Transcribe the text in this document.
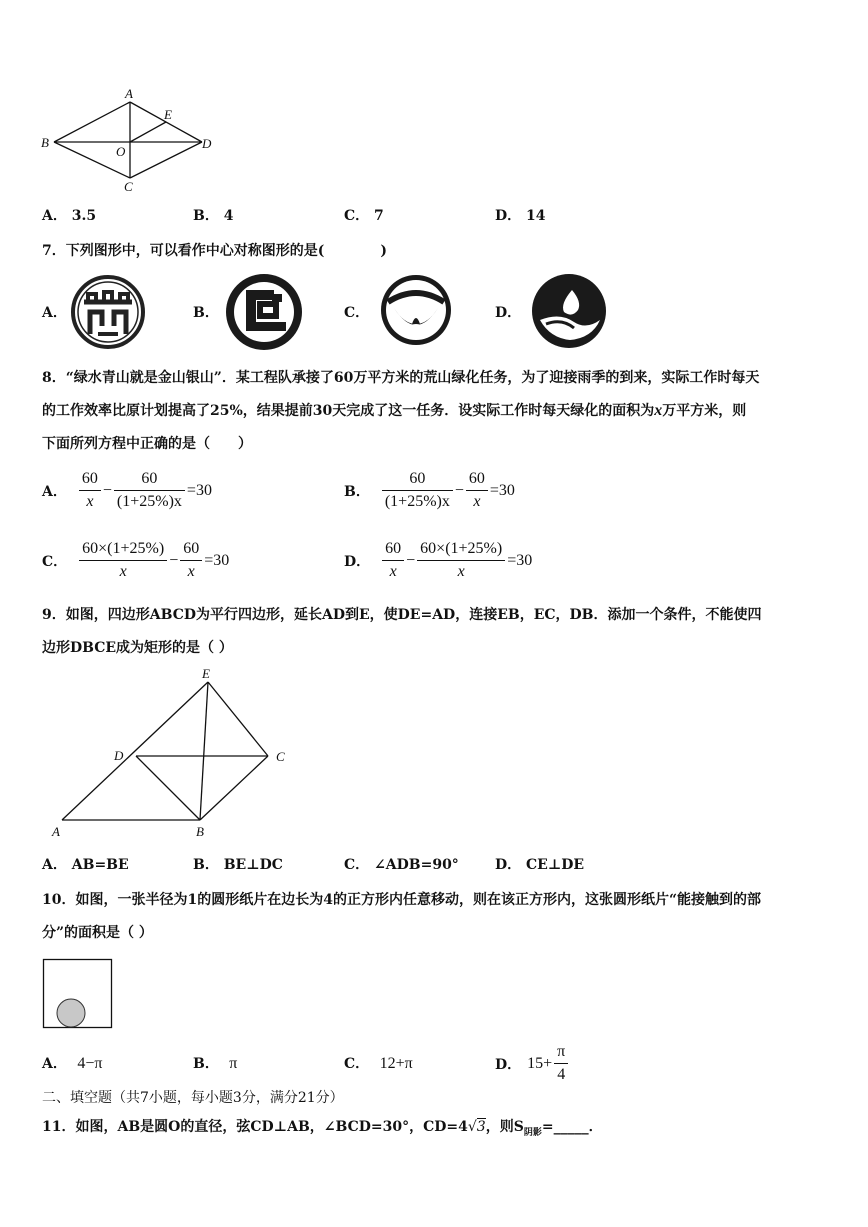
A
B
C
D
E
O
A． 3.5	B． 4	C． 7	D． 14
7．下列图形中，可以看作中心对称图形的是(　　　　)
A．	B．	C．	D．
8．“绿水青山就是金山银山”．某工程队承接了60万平方米的荒山绿化任务，为了迎接雨季的到来，实际工作时每天
的工作效率比原计划提高了25%，结果提前30天完成了这一任务．设实际工作时每天绿化的面积为x万平方米，则
下面所列方程中正确的是（　　）
A． $\frac{60}{x} - \frac{60}{(1+25\%)x} =30$	B． $\frac{60}{(1+25\%)x} - \frac{60}{x} =30$
C． $\frac{60\times(1+25\%)}{x} - \frac{60}{x} =30$	D． $\frac{60}{x} - \frac{60\times(1+25\%)}{x} =30$
9．如图，四边形ABCD为平行四边形，延长AD到E，使DE=AD，连接EB，EC，DB．添加一个条件，不能使四
边形DBCE成为矩形的是（ ）
E
D	C
A	B
A． AB=BE	B． BE⊥DC	C． ∠ADB=90°	D． CE⊥DE
10．如图，一张半径为1的圆形纸片在边长为4的正方形内任意移动，则在该正方形内，这张圆形纸片“能接触到的部
分”的面积是（ ）
A． 4−π	B． π	C． 12+π	D． $15+ \frac{\pi}{4}$
二、填空题（共7小题，每小题3分，满分21分）
11．如图，AB是圆O的直径，弦CD⊥AB，∠BCD=30°，CD=4√3，则$S_{阴影}=\_\_\_\_\_$．
